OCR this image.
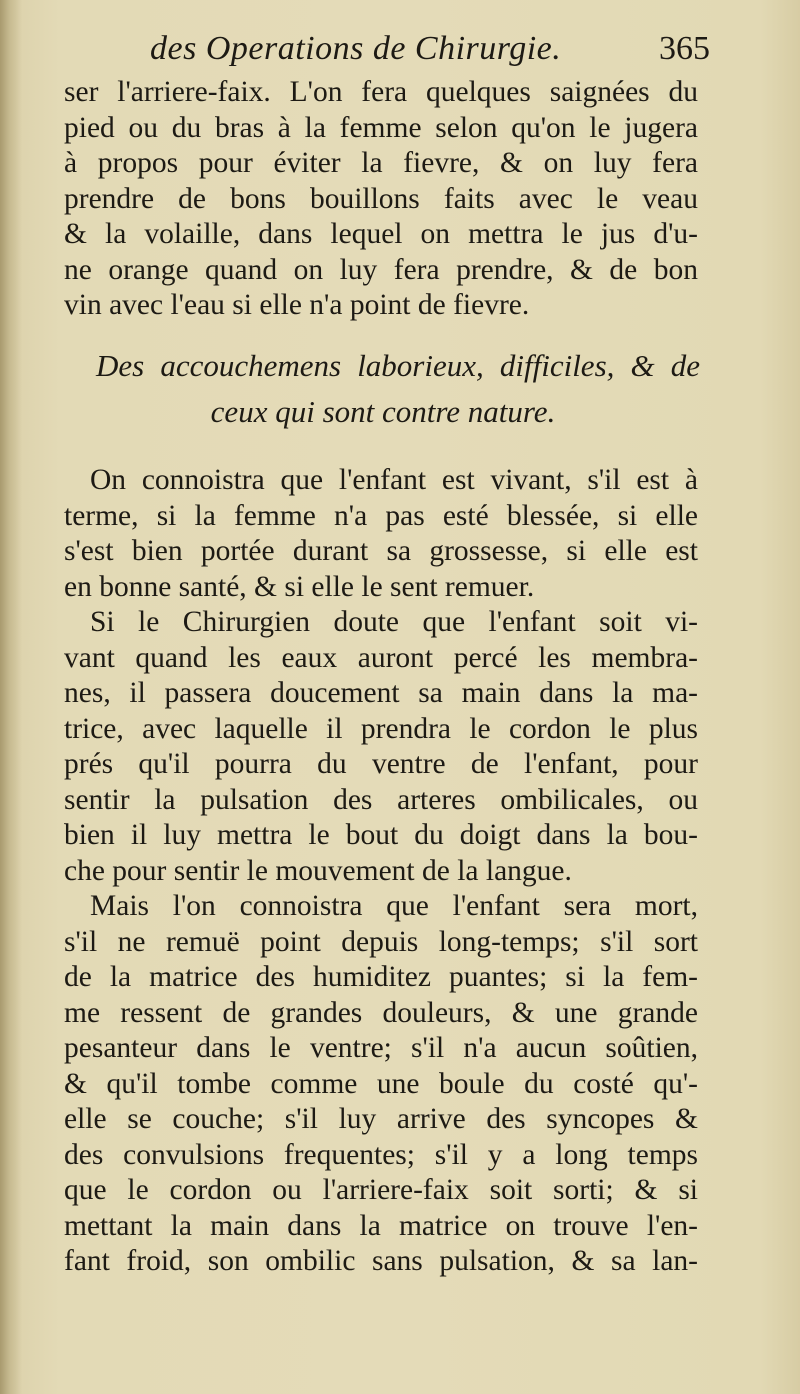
des Operations de Chirurgie.	365
ser l'arriere-faix. L'on fera quelques saignées du
pied ou du bras à la femme selon qu'on le jugera
à propos pour éviter la fievre, & on luy fera
prendre de bons bouillons faits avec le veau
& la volaille, dans lequel on mettra le jus d'u-
ne orange quand on luy fera prendre, & de bon
vin avec l'eau si elle n'a point de fievre.
Des accouchemens laborieux, difficiles, & de
ceux qui sont contre nature.
On connoistra que l'enfant est vivant, s'il est à
terme, si la femme n'a pas esté blessée, si elle
s'est bien portée durant sa grossesse, si elle est
en bonne santé, & si elle le sent remuer.
Si le Chirurgien doute que l'enfant soit vi-
vant quand les eaux auront percé les membra-
nes, il passera doucement sa main dans la ma-
trice, avec laquelle il prendra le cordon le plus
prés qu'il pourra du ventre de l'enfant, pour
sentir la pulsation des arteres ombilicales, ou
bien il luy mettra le bout du doigt dans la bou-
che pour sentir le mouvement de la langue.
Mais l'on connoistra que l'enfant sera mort,
s'il ne remuë point depuis long-temps; s'il sort
de la matrice des humiditez puantes; si la fem-
me ressent de grandes douleurs, & une grande
pesanteur dans le ventre; s'il n'a aucun soûtien,
& qu'il tombe comme une boule du costé qu'-
elle se couche; s'il luy arrive des syncopes &
des convulsions frequentes; s'il y a long temps
que le cordon ou l'arriere-faix soit sorti; & si
mettant la main dans la matrice on trouve l'en-
fant froid, son ombilic sans pulsation, & sa lan-
